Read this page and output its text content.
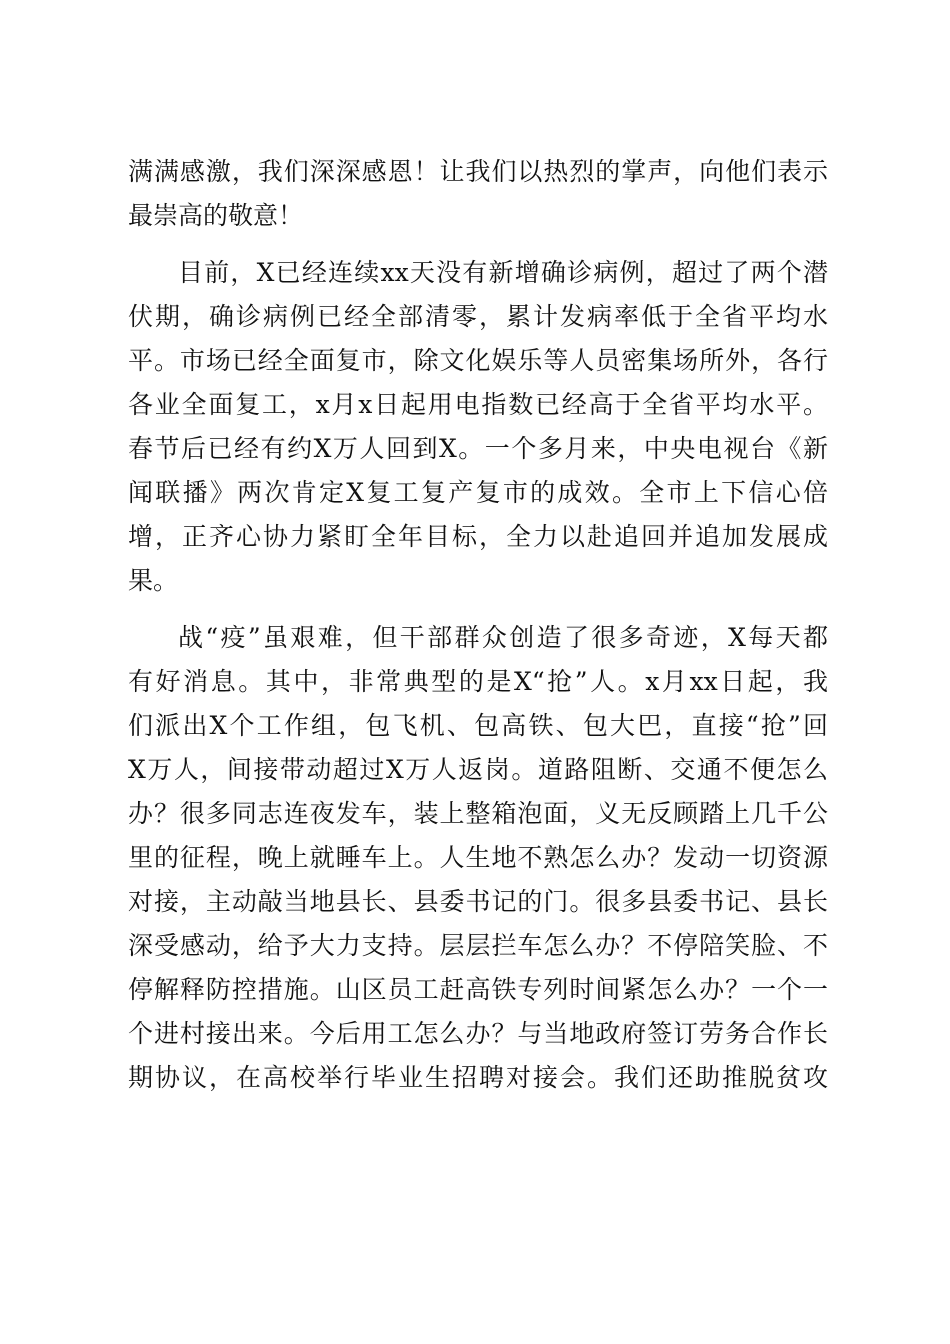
满满感激，我们深深感恩！让我们以热烈的掌声，向他们表示
最崇高的敬意！
目前，X已经连续xx天没有新增确诊病例，超过了两个潜
伏期，确诊病例已经全部清零，累计发病率低于全省平均水
平。市场已经全面复市，除文化娱乐等人员密集场所外，各行
各业全面复工，x月x日起用电指数已经高于全省平均水平。
春节后已经有约X万人回到X。一个多月来，中央电视台《新
闻联播》两次肯定X复工复产复市的成效。全市上下信心倍
增，正齐心协力紧盯全年目标，全力以赴追回并追加发展成
果。
战“疫”虽艰难，但干部群众创造了很多奇迹，X每天都
有好消息。其中，非常典型的是X“抢”人。x月xx日起，我
们派出X个工作组，包飞机、包高铁、包大巴，直接“抢”回
X万人，间接带动超过X万人返岗。道路阻断、交通不便怎么
办？很多同志连夜发车，装上整箱泡面，义无反顾踏上几千公
里的征程，晚上就睡车上。人生地不熟怎么办？发动一切资源
对接，主动敲当地县长、县委书记的门。很多县委书记、县长
深受感动，给予大力支持。层层拦车怎么办？不停陪笑脸、不
停解释防控措施。山区员工赶高铁专列时间紧怎么办？一个一
个进村接出来。今后用工怎么办？与当地政府签订劳务合作长
期协议，在高校举行毕业生招聘对接会。我们还助推脱贫攻
